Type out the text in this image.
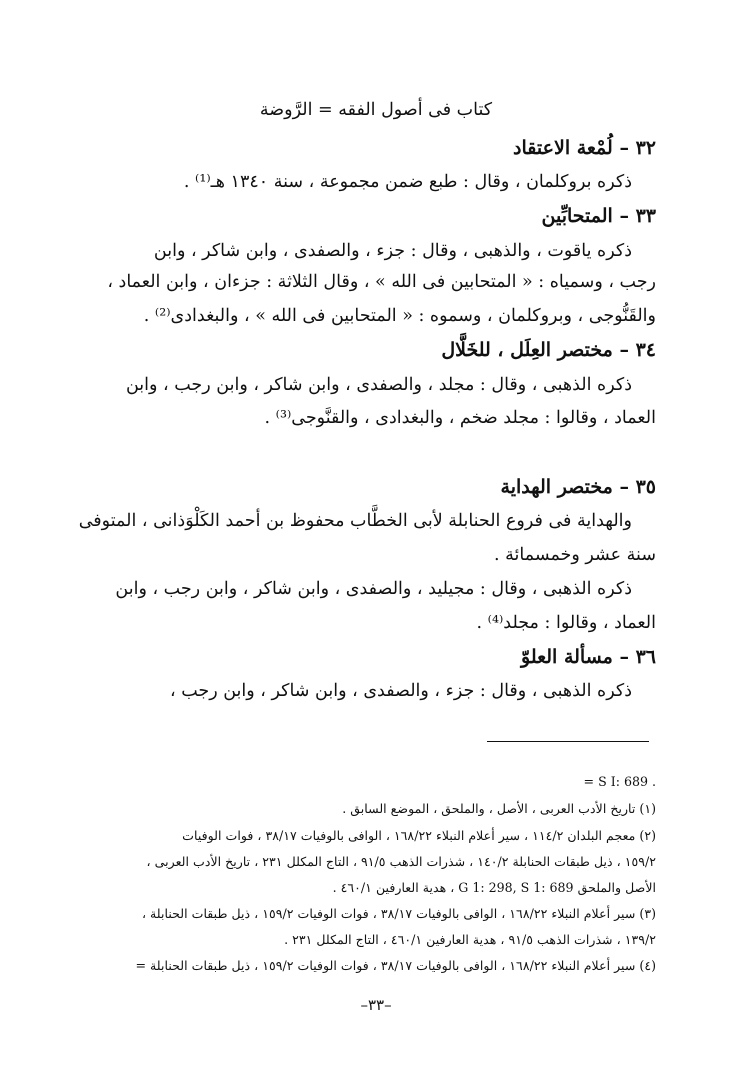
كتاب فى أصول الفقه = الرَّوضة
٣٢ – لُمْعة الاعتقاد
ذكره بروكلمان ، وقال : طبع ضمن مجموعة ، سنة ١٣٤٠ هـ⁽¹⁾ .
٣٣ – المتحابِّين
ذكره ياقوت ، والذهبى ، وقال : جزء ، والصفدى ، وابن شاكر ، وابن
رجب ، وسمياه : « المتحابين فى الله » ، وقال الثلاثة : جزءان ، وابن العماد ،
والقَنُّوجى ، وبروكلمان ، وسموه : « المتحابين فى الله » ، والبغدادى⁽²⁾ .
٣٤ – مختصر العِلَل ، للخَلَّال
ذكره الذهبى ، وقال : مجلد ، والصفدى ، وابن شاكر ، وابن رجب ، وابن
العماد ، وقالوا : مجلد ضخم ، والبغدادى ، والقنَّوجى⁽³⁾ .
٣٥ – مختصر الهداية
والهداية فى فروع الحنابلة لأبى الخطَّاب محفوظ بن أحمد الكَلْوَذانى ، المتوفى
سنة عشر وخمسمائة .
ذكره الذهبى ، وقال : مجيليد ، والصفدى ، وابن شاكر ، وابن رجب ، وابن
العماد ، وقالوا : مجلد⁽⁴⁾ .
٣٦ – مسألة العلوّ
ذكره الذهبى ، وقال : جزء ، والصفدى ، وابن شاكر ، وابن رجب ،
= S I: 689 .
(١) تاريخ الأدب العربى ، الأصل ، والملحق ، الموضع السابق .
(٢) معجم البلدان ١١٤/٢ ، سير أعلام النبلاء ١٦٨/٢٢ ، الوافى بالوفيات ٣٨/١٧ ، فوات الوفيات
١٥٩/٢ ، ذيل طبقات الحنابلة ١٤٠/٢ ، شذرات الذهب ٩١/٥ ، التاج المكلل ٢٣١ ، تاريخ الأدب العربى ،
الأصل والملحق G 1: 298, S 1: 689 ، هدية العارفين ٤٦٠/١ .
(٣) سير أعلام النبلاء ١٦٨/٢٢ ، الوافى بالوفيات ٣٨/١٧ ، فوات الوفيات ١٥٩/٢ ، ذيل طبقات الحنابلة ،
١٣٩/٢ ، شذرات الذهب ٩١/٥ ، هدية العارفين ٤٦٠/١ ، التاج المكلل ٢٣١ .
(٤) سير أعلام النبلاء ١٦٨/٢٢ ، الوافى بالوفيات ٣٨/١٧ ، فوات الوفيات ١٥٩/٢ ، ذيل طبقات الحنابلة =
–٣٣–
